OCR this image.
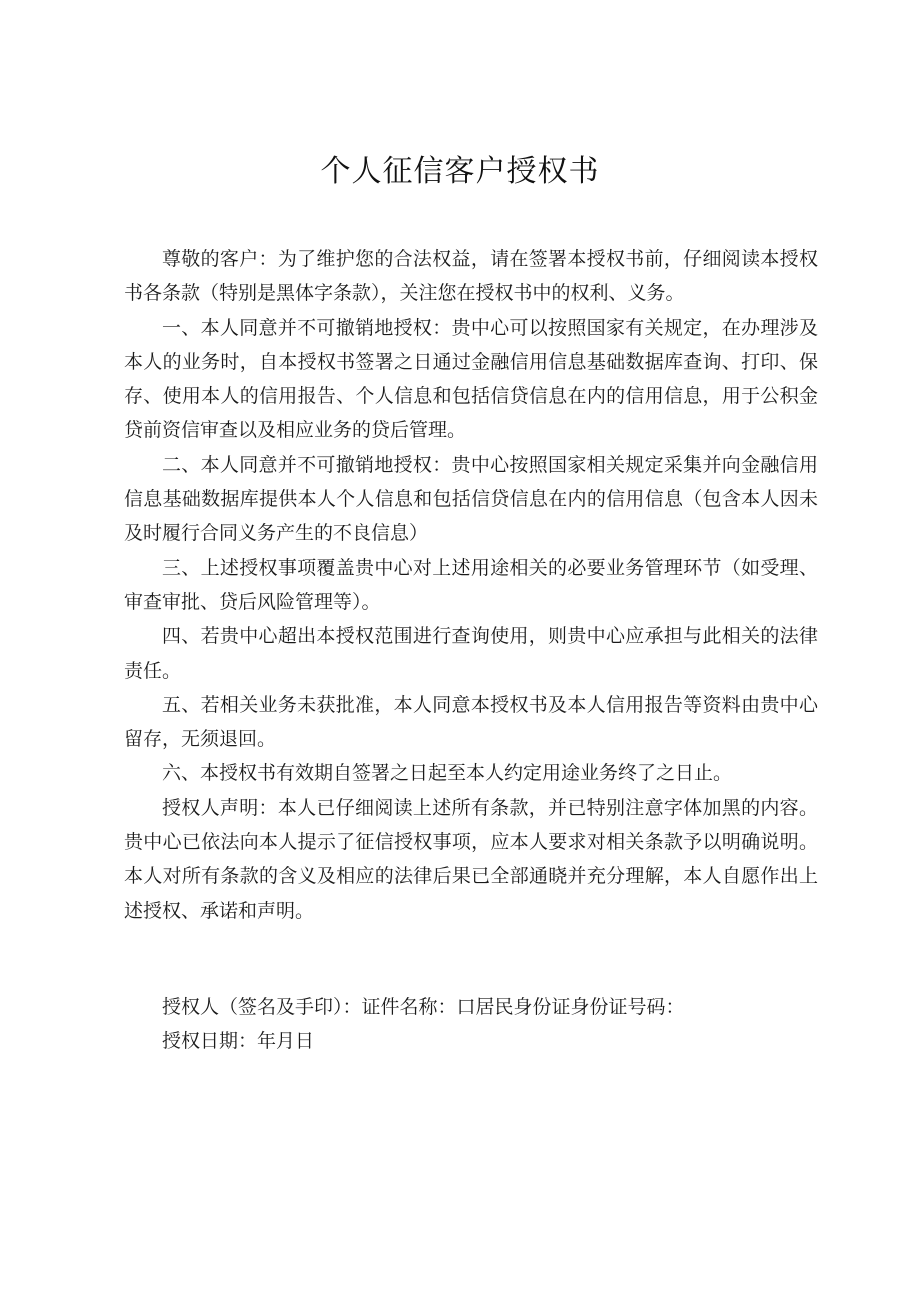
个人征信客户授权书

尊敬的客户：为了维护您的合法权益，请在签署本授权书前，仔细阅读本授权书各条款（特别是黑体字条款），关注您在授权书中的权利、义务。

一、本人同意并不可撤销地授权：贵中心可以按照国家有关规定，在办理涉及本人的业务时，自本授权书签署之日通过金融信用信息基础数据库查询、打印、保存、使用本人的信用报告、个人信息和包括信贷信息在内的信用信息，用于公积金贷前资信审查以及相应业务的贷后管理。

二、本人同意并不可撤销地授权：贵中心按照国家相关规定采集并向金融信用信息基础数据库提供本人个人信息和包括信贷信息在内的信用信息（包含本人因未及时履行合同义务产生的不良信息）

三、上述授权事项覆盖贵中心对上述用途相关的必要业务管理环节（如受理、审查审批、贷后风险管理等）。

四、若贵中心超出本授权范围进行查询使用，则贵中心应承担与此相关的法律责任。

五、若相关业务未获批准，本人同意本授权书及本人信用报告等资料由贵中心留存，无须退回。

六、本授权书有效期自签署之日起至本人约定用途业务终了之日止。

授权人声明：本人已仔细阅读上述所有条款，并已特别注意字体加黑的内容。贵中心已依法向本人提示了征信授权事项，应本人要求对相关条款予以明确说明。本人对所有条款的含义及相应的法律后果已全部通晓并充分理解，本人自愿作出上述授权、承诺和声明。

授权人（签名及手印）：证件名称：口居民身份证身份证号码：

授权日期：年月日
